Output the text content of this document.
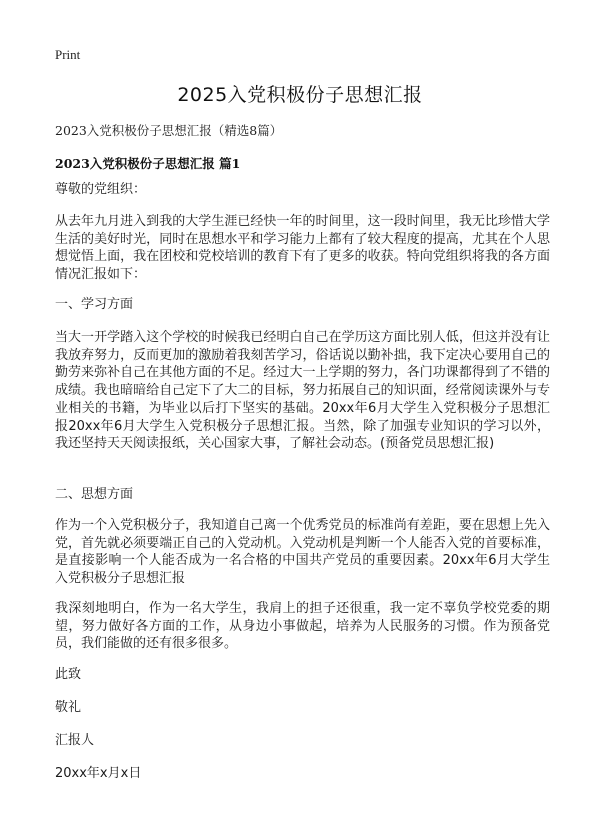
Print
2025入党积极份子思想汇报
2023入党积极份子思想汇报（精选8篇）
2023入党积极份子思想汇报 篇1

尊敬的党组织：

从去年九月进入到我的大学生涯已经快一年的时间里，这一段时间里，我无比珍惜大学生活的美好时光，同时在思想水平和学习能力上都有了较大程度的提高，尤其在个人思想觉悟上面，我在团校和党校培训的教育下有了更多的收获。特向党组织将我的各方面情况汇报如下：

一、学习方面

当大一开学踏入这个学校的时候我已经明白自己在学历这方面比别人低，但这并没有让我放弃努力，反而更加的激励着我刻苦学习，俗话说以勤补拙，我下定决心要用自己的勤劳来弥补自己在其他方面的不足。经过大一上学期的努力，各门功课都得到了不错的成绩。我也暗暗给自己定下了大二的目标，努力拓展自己的知识面，经常阅读课外与专业相关的书籍，为毕业以后打下坚实的基础。20xx年6月大学生入党积极分子思想汇报20xx年6月大学生入党积极分子思想汇报。当然，除了加强专业知识的学习以外，我还坚持天天阅读报纸，关心国家大事，了解社会动态。(预备党员思想汇报)

二、思想方面

作为一个入党积极分子，我知道自己离一个优秀党员的标准尚有差距，要在思想上先入党，首先就必须要端正自己的入党动机。入党动机是判断一个人能否入党的首要标准，是直接影响一个人能否成为一名合格的中国共产党员的重要因素。20xx年6月大学生入党积极分子思想汇报

我深刻地明白，作为一名大学生，我肩上的担子还很重，我一定不辜负学校党委的期望，努力做好各方面的工作，从身边小事做起，培养为人民服务的习惯。作为预备党员，我们能做的还有很多很多。

此致

敬礼

汇报人

20xx年x月x日
